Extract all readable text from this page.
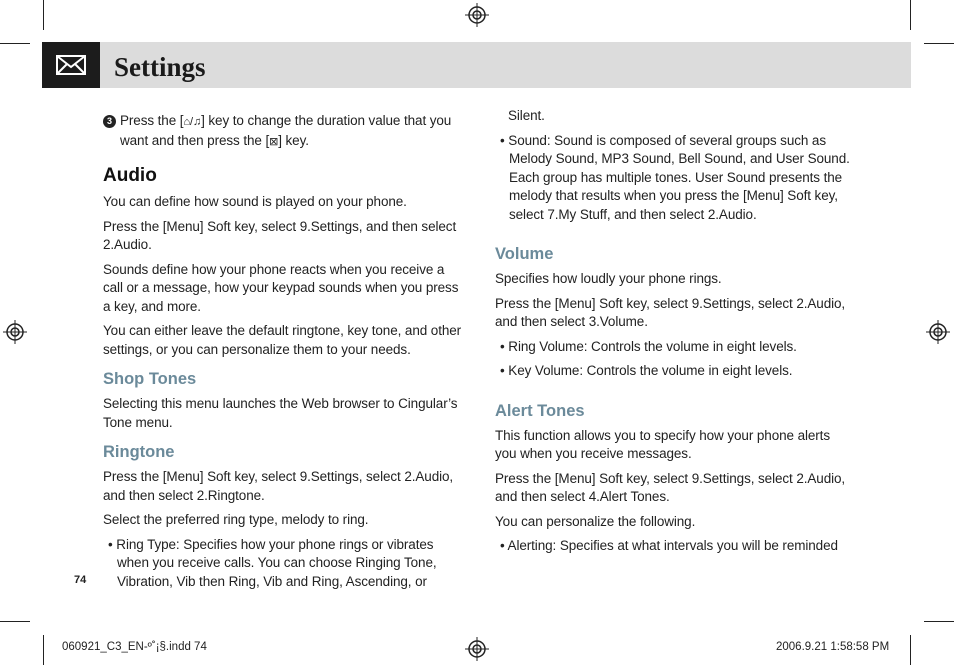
Settings

3 Press the [⌂/♫] key to change the duration value that you want and then press the [⊠] key.

Audio

You can define how sound is played on your phone.

Press the [Menu] Soft key, select 9.Settings, and then select 2.Audio.

Sounds define how your phone reacts when you receive a call or a message, how your keypad sounds when you press a key, and more.

You can either leave the default ringtone, key tone, and other settings, or you can personalize them to your needs.

Shop Tones

Selecting this menu launches the Web browser to Cingular’s Tone menu.

Ringtone

Press the [Menu] Soft key, select 9.Settings, select 2.Audio, and then select 2.Ringtone.

Select the preferred ring type, melody to ring.

• Ring Type: Specifies how your phone rings or vibrates when you receive calls. You can choose Ringing Tone, Vibration, Vib then Ring, Vib and Ring, Ascending, or

Silent.

• Sound: Sound is composed of several groups such as Melody Sound, MP3 Sound, Bell Sound, and User Sound. Each group has multiple tones. User Sound presents the melody that results when you press the [Menu] Soft key, select 7.My Stuff, and then select 2.Audio.

Volume

Specifies how loudly your phone rings.

Press the [Menu] Soft key, select 9.Settings, select 2.Audio, and then select 3.Volume.

• Ring Volume: Controls the volume in eight levels.

• Key Volume: Controls the volume in eight levels.

Alert Tones

This function allows you to specify how your phone alerts you when you receive messages.

Press the [Menu] Soft key, select 9.Settings, select 2.Audio, and then select 4.Alert Tones.

You can personalize the following.

• Alerting: Specifies at what intervals you will be reminded

74
060921_C3_EN-º˚¡§.indd 74	2006.9.21 1:58:58 PM
